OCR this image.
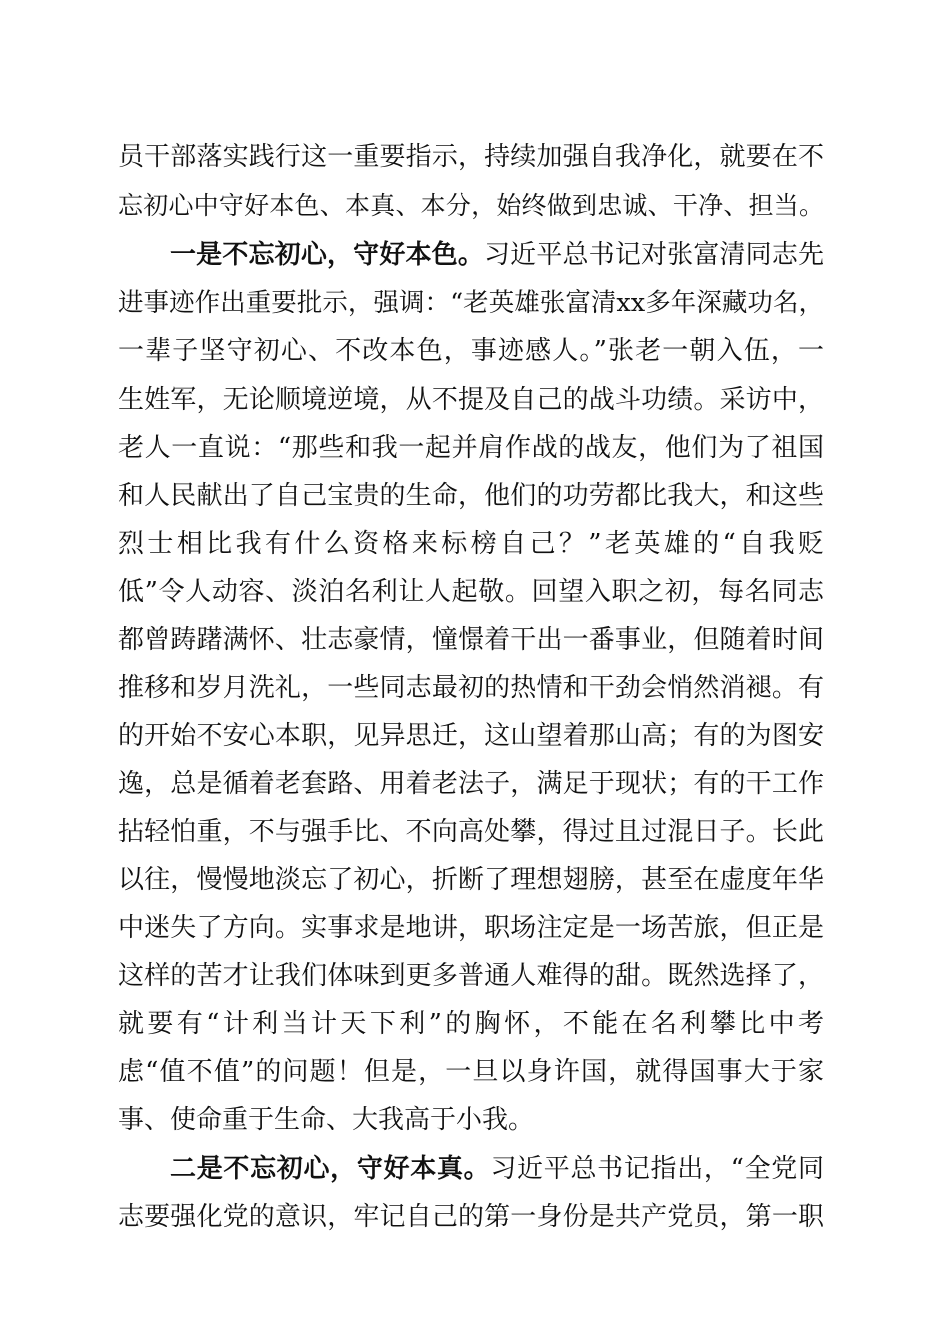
员干部落实践行这一重要指示，持续加强自我净化，就要在不
忘初心中守好本色、本真、本分，始终做到忠诚、干净、担当。
一是不忘初心，守好本色。习近平总书记对张富清同志先
进事迹作出重要批示，强调：“老英雄张富清xx多年深藏功名，
一辈子坚守初心、不改本色，事迹感人。”张老一朝入伍，一
生姓军，无论顺境逆境，从不提及自己的战斗功绩。采访中，
老人一直说：“那些和我一起并肩作战的战友，他们为了祖国
和人民献出了自己宝贵的生命，他们的功劳都比我大，和这些
烈士相比我有什么资格来标榜自己？”老英雄的“自我贬
低”令人动容、淡泊名利让人起敬。回望入职之初，每名同志
都曾踌躇满怀、壮志豪情，憧憬着干出一番事业，但随着时间
推移和岁月洗礼，一些同志最初的热情和干劲会悄然消褪。有
的开始不安心本职，见异思迁，这山望着那山高；有的为图安
逸，总是循着老套路、用着老法子，满足于现状；有的干工作
拈轻怕重，不与强手比、不向高处攀，得过且过混日子。长此
以往，慢慢地淡忘了初心，折断了理想翅膀，甚至在虚度年华
中迷失了方向。实事求是地讲，职场注定是一场苦旅，但正是
这样的苦才让我们体味到更多普通人难得的甜。既然选择了，
就要有“计利当计天下利”的胸怀，不能在名利攀比中考
虑“值不值”的问题！但是，一旦以身许国，就得国事大于家
事、使命重于生命、大我高于小我。
二是不忘初心，守好本真。习近平总书记指出，“全党同
志要强化党的意识，牢记自己的第一身份是共产党员，第一职
